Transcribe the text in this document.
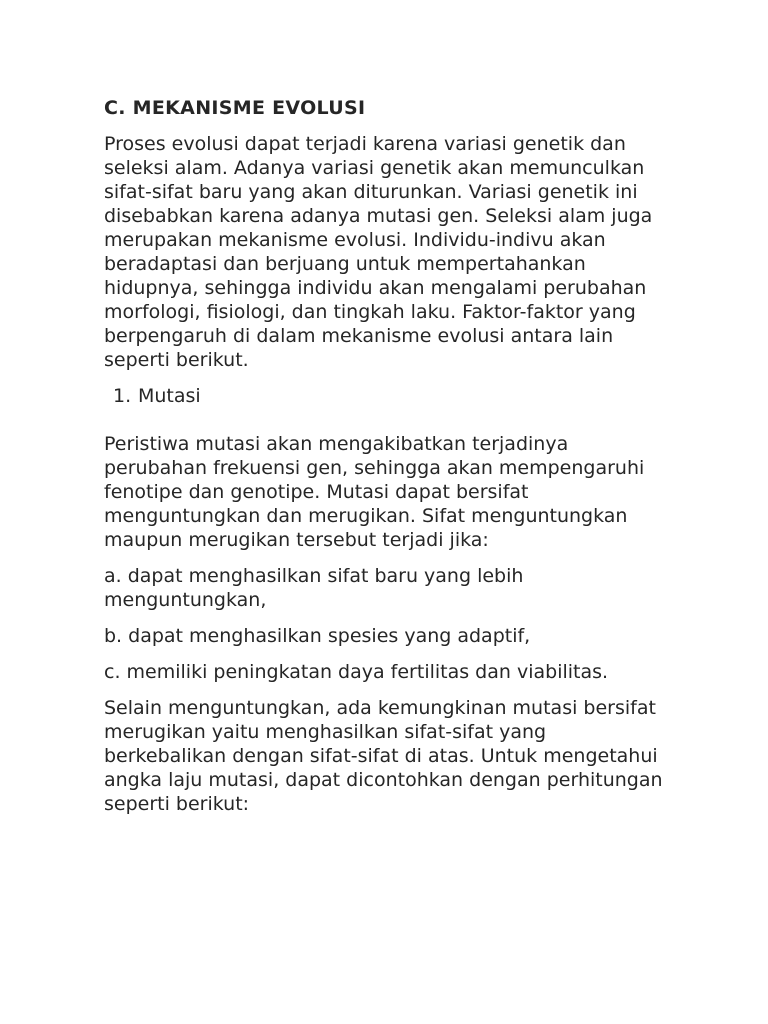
C. MEKANISME EVOLUSI

Proses evolusi dapat terjadi karena variasi genetik dan seleksi alam. Adanya variasi genetik akan memunculkan sifat-sifat baru yang akan diturunkan. Variasi genetik ini disebabkan karena adanya mutasi gen. Seleksi alam juga merupakan mekanisme evolusi. Individu-indivu akan beradaptasi dan berjuang untuk mempertahankan hidupnya, sehingga individu akan mengalami perubahan morfologi, fisiologi, dan tingkah laku. Faktor-faktor yang berpengaruh di dalam mekanisme evolusi antara lain seperti berikut.

1. Mutasi

Peristiwa mutasi akan mengakibatkan terjadinya perubahan frekuensi gen, sehingga akan mempengaruhi fenotipe dan genotipe. Mutasi dapat bersifat menguntungkan dan merugikan. Sifat menguntungkan maupun merugikan tersebut terjadi jika:

a. dapat menghasilkan sifat baru yang lebih menguntungkan,

b. dapat menghasilkan spesies yang adaptif,

c. memiliki peningkatan daya fertilitas dan viabilitas.

Selain menguntungkan, ada kemungkinan mutasi bersifat merugikan yaitu menghasilkan sifat-sifat yang berkebalikan dengan sifat-sifat di atas. Untuk mengetahui angka laju mutasi, dapat dicontohkan dengan perhitungan seperti berikut:
